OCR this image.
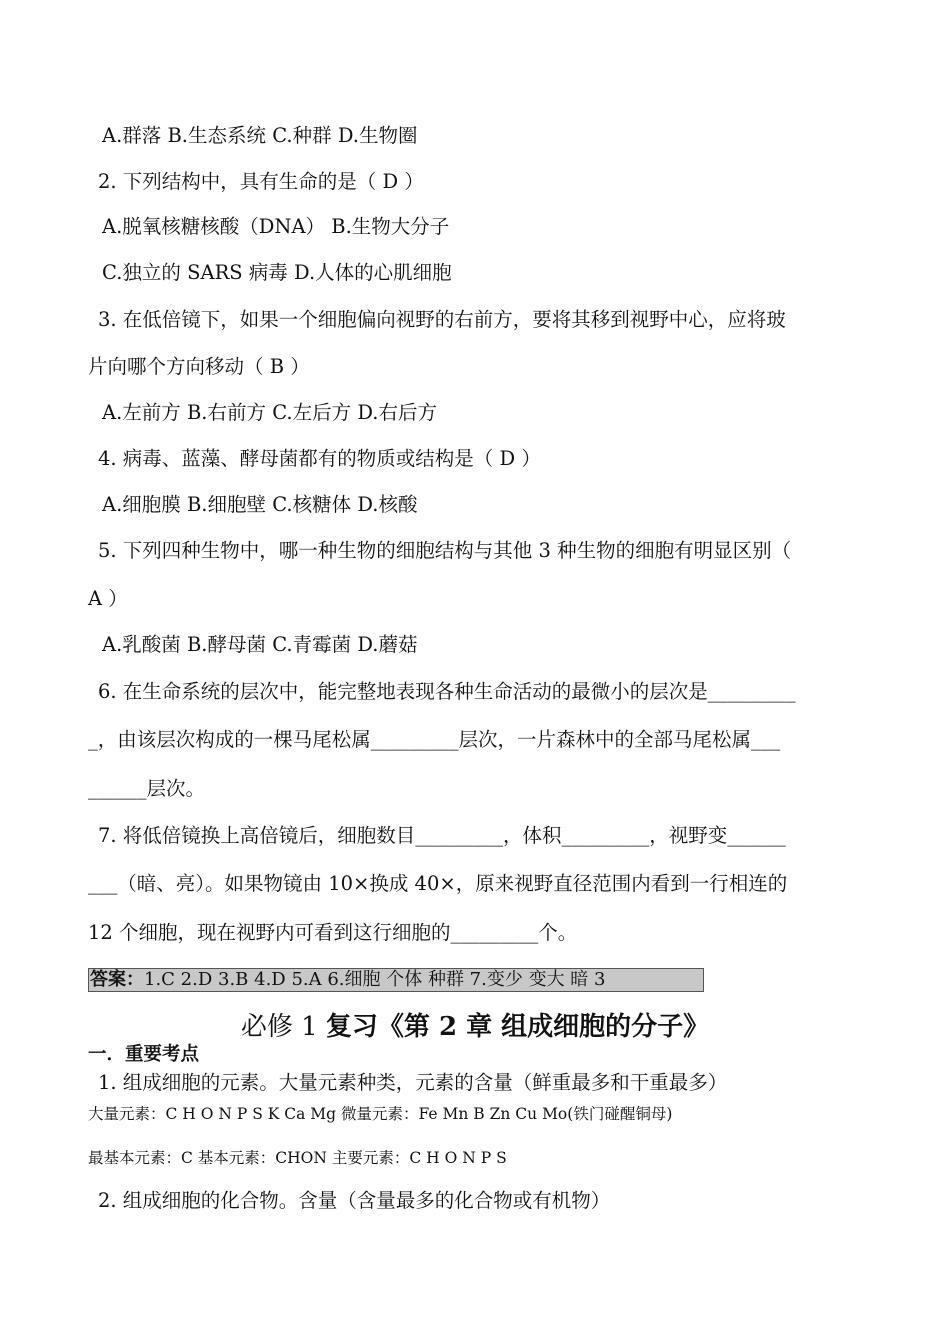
A.群落 B.生态系统 C.种群 D.生物圈
2. 下列结构中，具有生命的是（ D ）
A.脱氧核糖核酸（DNA） B.生物大分子
C.独立的 SARS 病毒 D.人体的心肌细胞
3. 在低倍镜下，如果一个细胞偏向视野的右前方，要将其移到视野中心，应将玻
片向哪个方向移动（ B ）
A.左前方 B.右前方 C.左后方 D.右后方
4. 病毒、蓝藻、酵母菌都有的物质或结构是（ D ）
A.细胞膜 B.细胞壁 C.核糖体 D.核酸
5. 下列四种生物中，哪一种生物的细胞结构与其他 3 种生物的细胞有明显区别（
A ）
A.乳酸菌 B.酵母菌 C.青霉菌 D.蘑菇
6. 在生命系统的层次中，能完整地表现各种生命活动的最微小的层次是_________
_，由该层次构成的一棵马尾松属_________层次，一片森林中的全部马尾松属___
______层次。
7. 将低倍镜换上高倍镜后，细胞数目_________，体积_________，视野变______
___（暗、亮）。如果物镜由 10×换成 40×，原来视野直径范围内看到一行相连的
12 个细胞，现在视野内可看到这行细胞的_________个。
答案：1.C 2.D 3.B 4.D 5.A 6.细胞 个体 种群 7.变少 变大 暗 3
必修 1 复习《第 2 章 组成细胞的分子》
一．重要考点
1. 组成细胞的元素。大量元素种类，元素的含量（鲜重最多和干重最多）
大量元素：C H O N P S K Ca Mg 微量元素：Fe Mn B Zn Cu Mo(铁门碰醒铜母)
最基本元素：C 基本元素：CHON 主要元素：C H O N P S
2. 组成细胞的化合物。含量（含量最多的化合物或有机物）
